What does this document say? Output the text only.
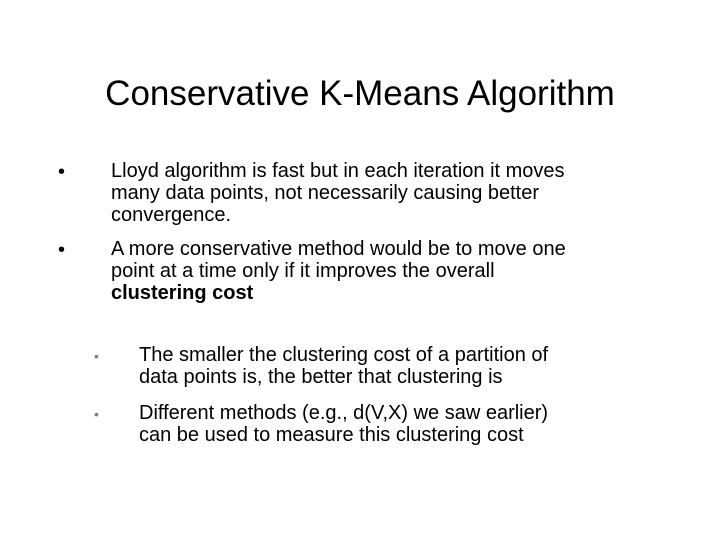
Conservative K-Means Algorithm
• Lloyd algorithm is fast but in each iteration it moves
many data points, not necessarily causing better
convergence.
• A more conservative method would be to move one
point at a time only if it improves the overall
clustering cost
• The smaller the clustering cost of a partition of
data points is, the better that clustering is
• Different methods (e.g., d(V,X) we saw earlier)
can be used to measure this clustering cost
